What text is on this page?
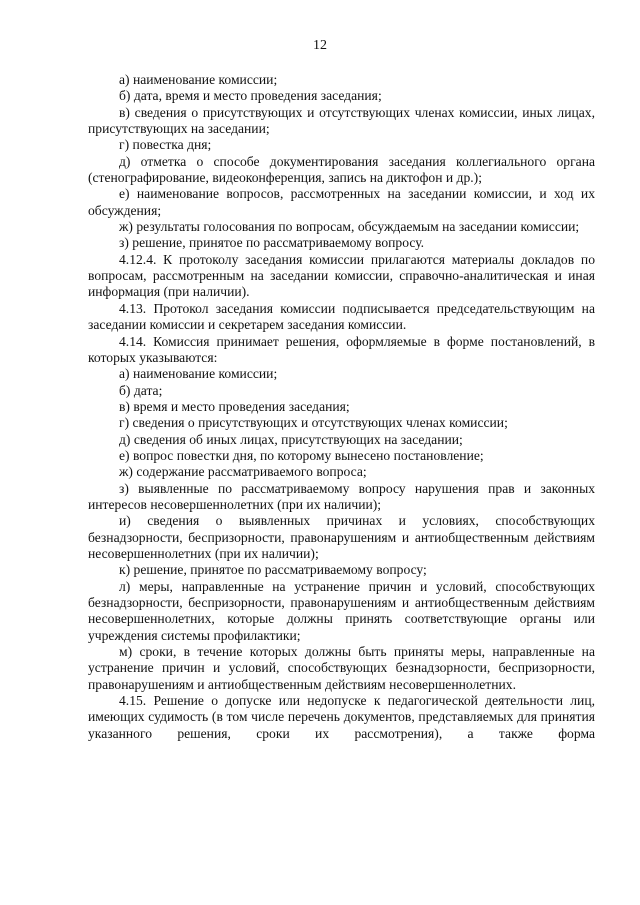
12

а) наименование комиссии;

б) дата, время и место проведения заседания;

в) сведения о присутствующих и отсутствующих членах комиссии, иных лицах, присутствующих на заседании;

г) повестка дня;

д) отметка о способе документирования заседания коллегиального органа (стенографирование, видеоконференция, запись на диктофон и др.);

е) наименование вопросов, рассмотренных на заседании комиссии, и ход их обсуждения;

ж) результаты голосования по вопросам, обсуждаемым на заседании комиссии;

з) решение, принятое по рассматриваемому вопросу.

4.12.4. К протоколу заседания комиссии прилагаются материалы докладов по вопросам, рассмотренным на заседании комиссии, справочно-аналитическая и иная информация (при наличии).

4.13. Протокол заседания комиссии подписывается председательствующим на заседании комиссии и секретарем заседания комиссии.

4.14. Комиссия принимает решения, оформляемые в форме постановлений, в которых указываются:

а) наименование комиссии;

б) дата;

в) время и место проведения заседания;

г) сведения о присутствующих и отсутствующих членах комиссии;

д) сведения об иных лицах, присутствующих на заседании;

е) вопрос повестки дня, по которому вынесено постановление;

ж) содержание рассматриваемого вопроса;

з) выявленные по рассматриваемому вопросу нарушения прав и законных интересов несовершеннолетних (при их наличии);

и) сведения о выявленных причинах и условиях, способствующих безнадзорности, беспризорности, правонарушениям и антиобщественным действиям несовершеннолетних (при их наличии);

к) решение, принятое по рассматриваемому вопросу;

л) меры, направленные на устранение причин и условий, способствующих безнадзорности, беспризорности, правонарушениям и антиобщественным действиям несовершеннолетних, которые должны принять соответствующие органы или учреждения системы профилактики;

м) сроки, в течение которых должны быть приняты меры, направленные на устранение причин и условий, способствующих безнадзорности, беспризорности, правонарушениям и антиобщественным действиям несовершеннолетних.

4.15. Решение о допуске или недопуске к педагогической деятельности лиц, имеющих судимость (в том числе перечень документов, представляемых для принятия указанного решения, сроки их рассмотрения), а также форма
